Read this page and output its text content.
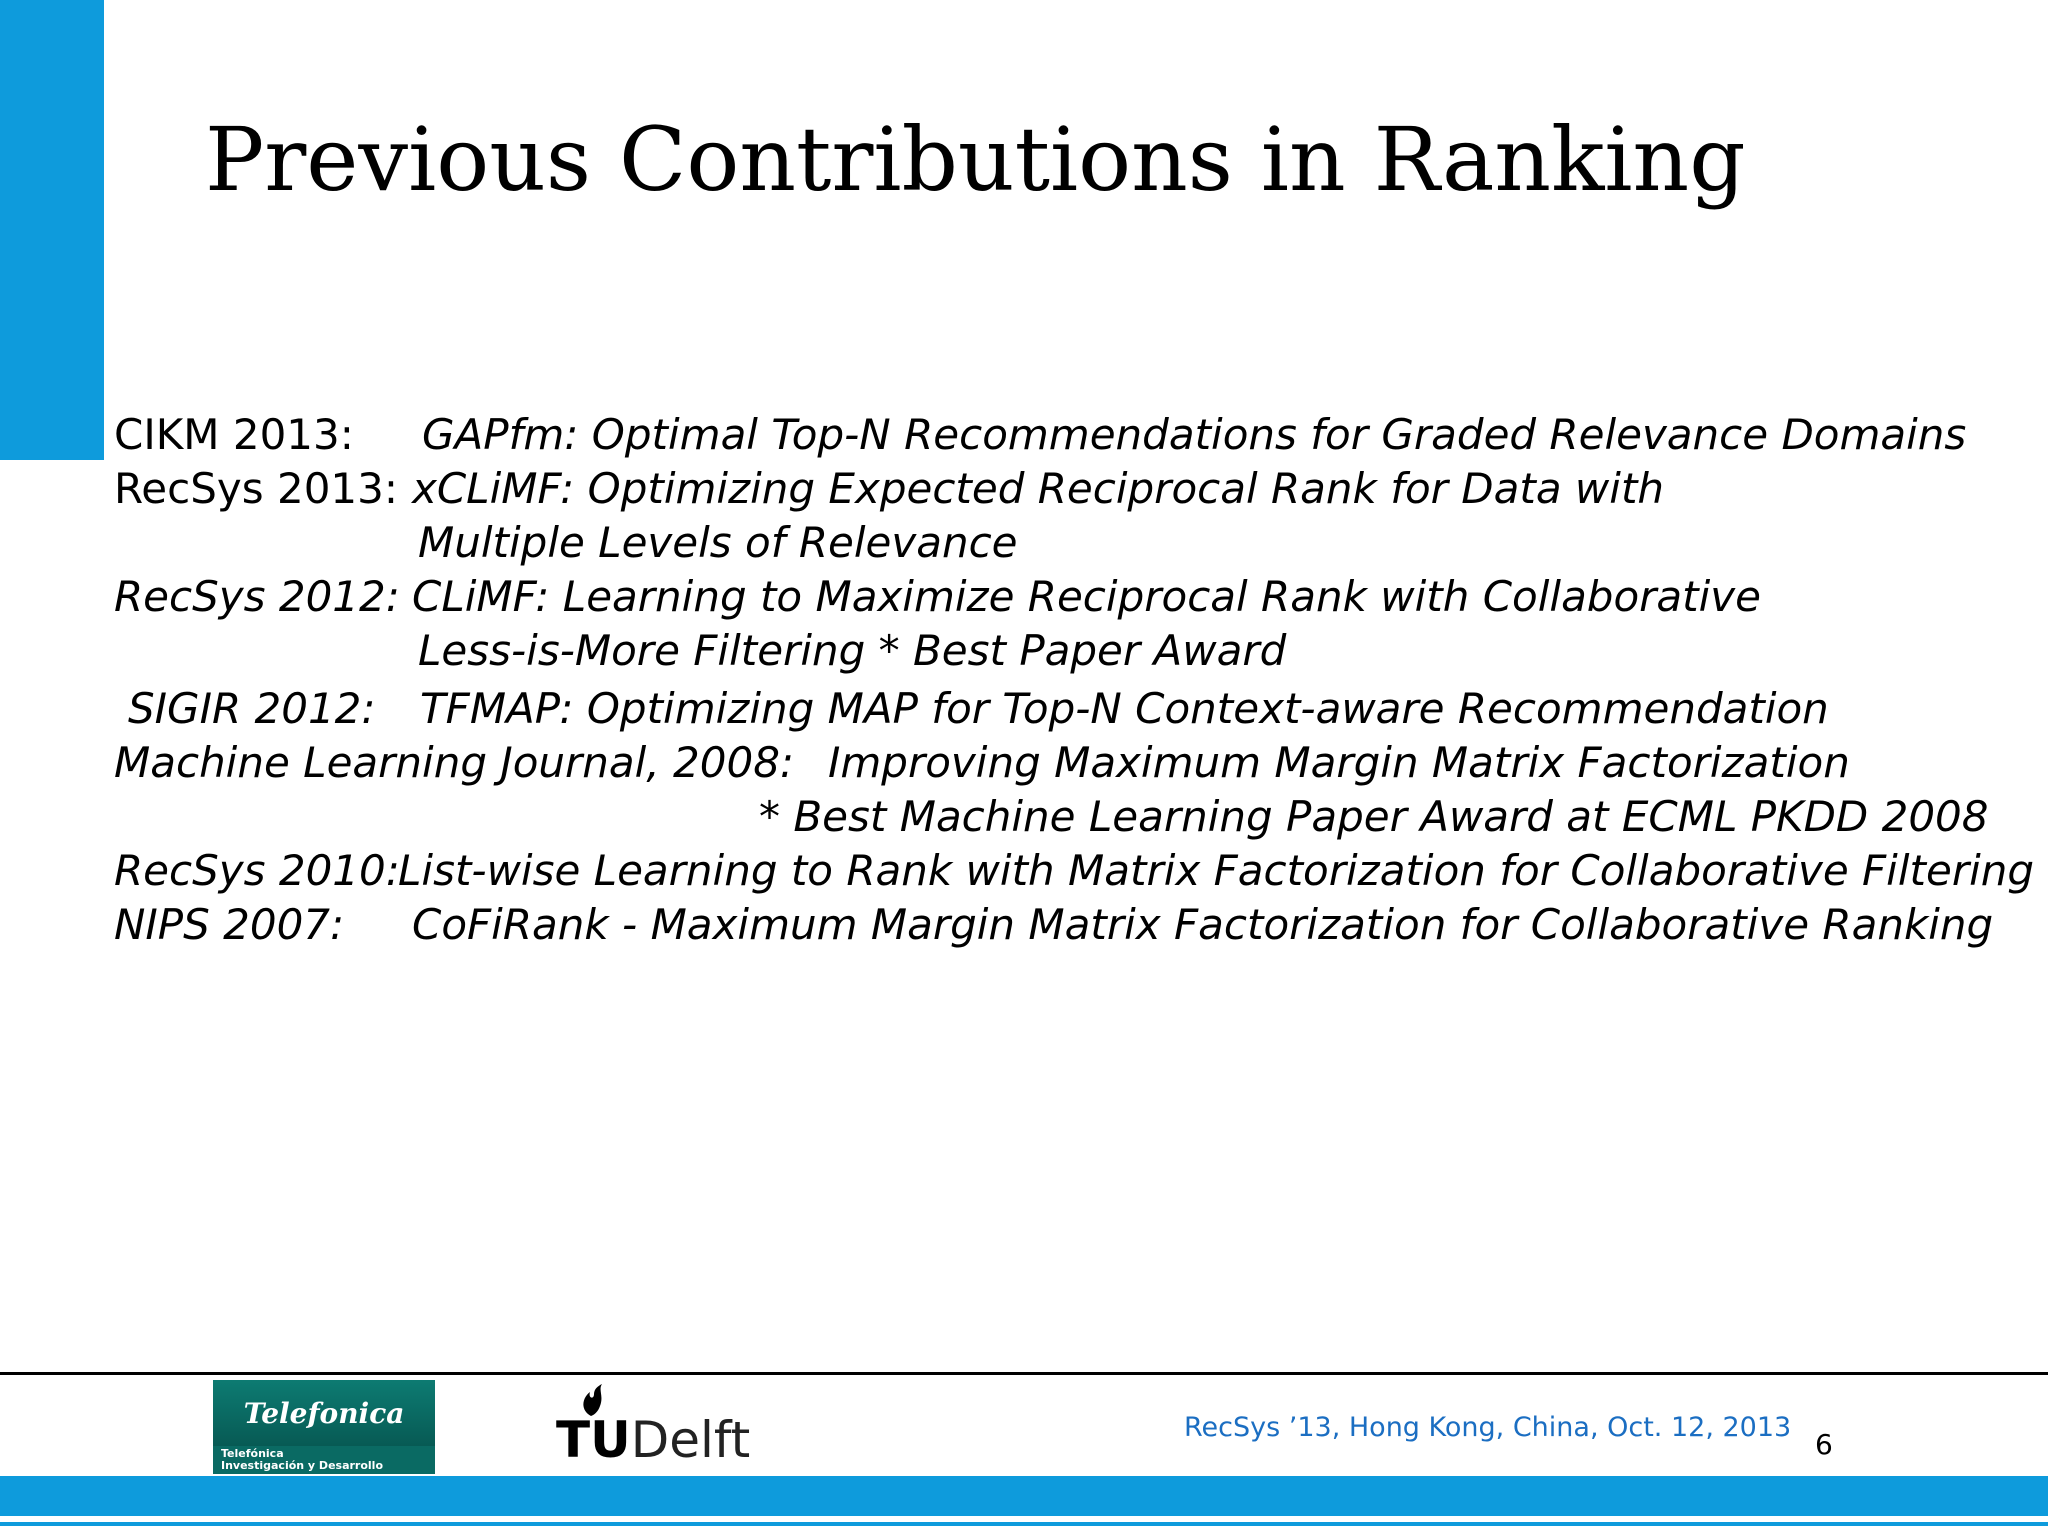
Previous Contributions in Ranking
CIKM 2013: GAPfm: Optimal Top-N Recommendations for Graded Relevance Domains
RecSys 2013: xCLiMF: Optimizing Expected Reciprocal Rank for Data with
Multiple Levels of Relevance
RecSys 2012: CLiMF: Learning to Maximize Reciprocal Rank with Collaborative
Less-is-More Filtering * Best Paper Award
SIGIR 2012: TFMAP: Optimizing MAP for Top-N Context-aware Recommendation
Machine Learning Journal, 2008: Improving Maximum Margin Matrix Factorization
* Best Machine Learning Paper Award at ECML PKDD 2008
RecSys 2010:
List-wise Learning to Rank with Matrix Factorization for Collaborative Filtering
NIPS 2007: CoFiRank - Maximum Margin Matrix Factorization for Collaborative Ranking
Telefonica
Telefónica
Investigación y Desarrollo	TUDelft	RecSys ’13, Hong Kong, China, Oct. 12, 2013
6
